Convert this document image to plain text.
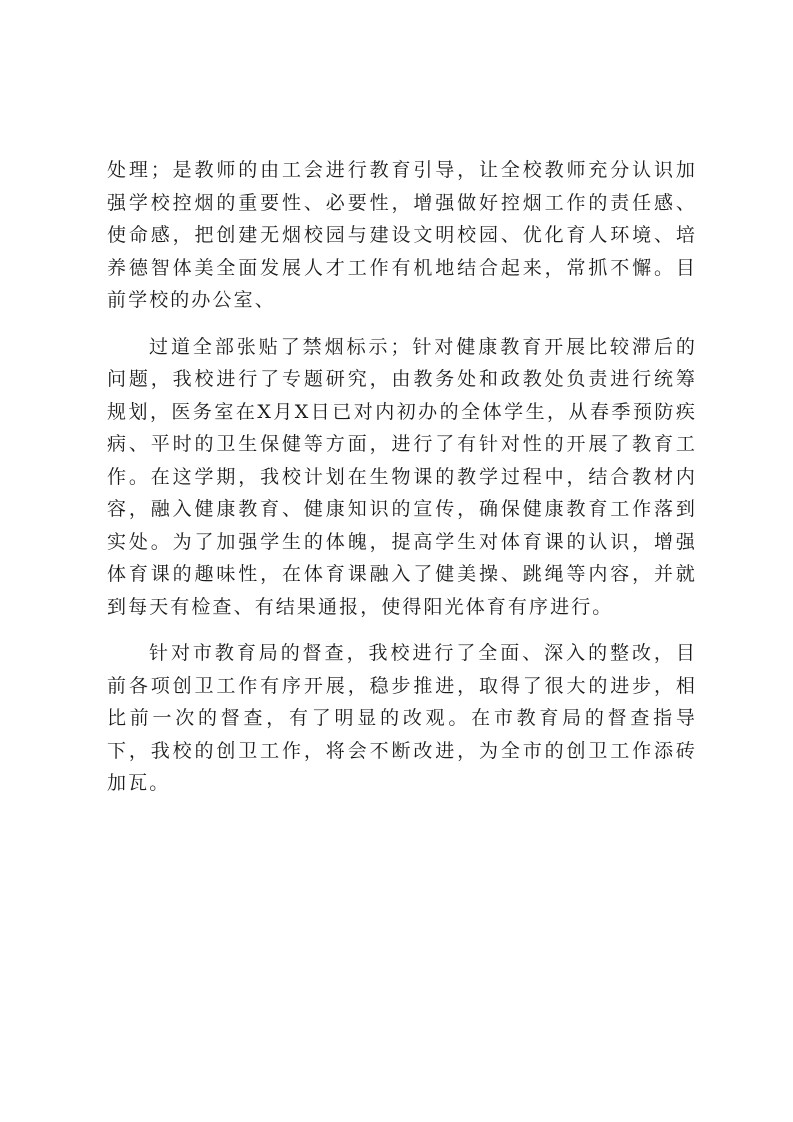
处理；是教师的由工会进行教育引导，让全校教师充分认识加强学校控烟的重要性、必要性，增强做好控烟工作的责任感、使命感，把创建无烟校园与建设文明校园、优化育人环境、培养德智体美全面发展人才工作有机地结合起来，常抓不懈。目前学校的办公室、

过道全部张贴了禁烟标示；针对健康教育开展比较滞后的问题，我校进行了专题研究，由教务处和政教处负责进行统筹规划，医务室在X月X日已对内初办的全体学生，从春季预防疾病、平时的卫生保健等方面，进行了有针对性的开展了教育工作。在这学期，我校计划在生物课的教学过程中，结合教材内容，融入健康教育、健康知识的宣传，确保健康教育工作落到实处。为了加强学生的体魄，提高学生对体育课的认识，增强体育课的趣味性，在体育课融入了健美操、跳绳等内容，并就到每天有检查、有结果通报，使得阳光体育有序进行。

针对市教育局的督查，我校进行了全面、深入的整改，目前各项创卫工作有序开展，稳步推进，取得了很大的进步，相比前一次的督查，有了明显的改观。在市教育局的督查指导下，我校的创卫工作，将会不断改进，为全市的创卫工作添砖加瓦。
